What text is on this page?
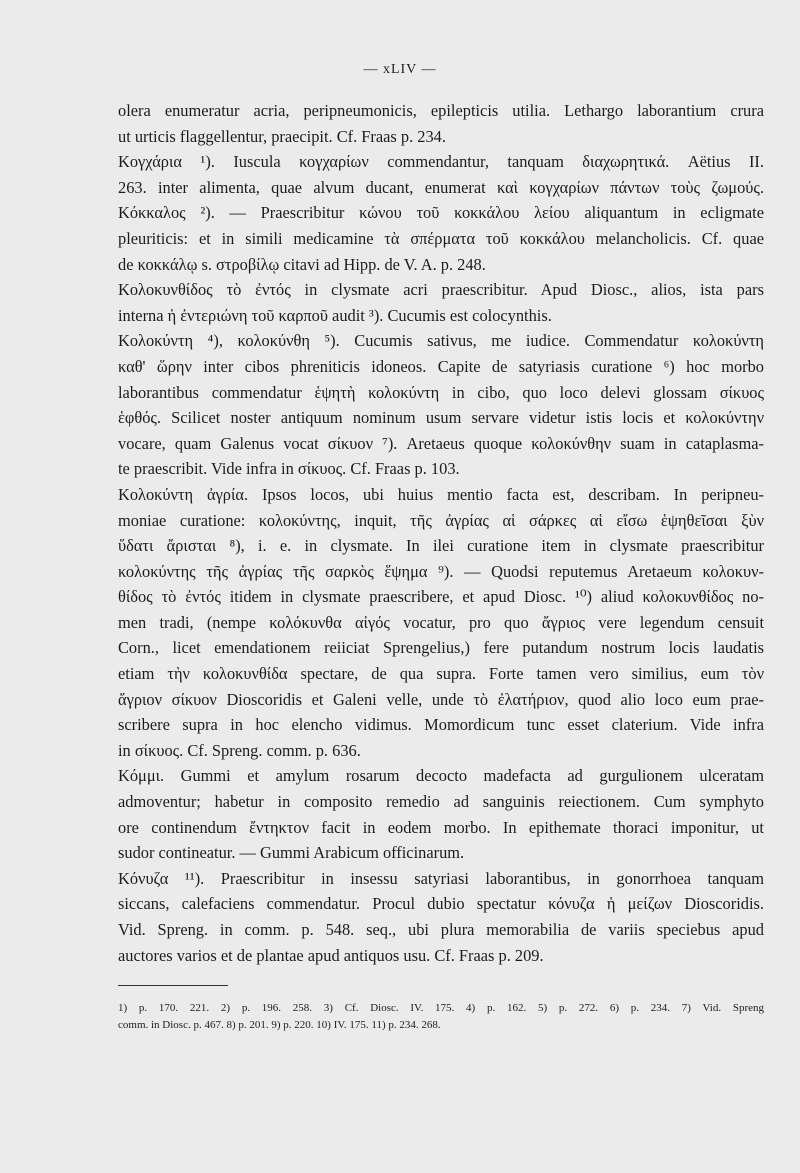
— xLIV —
olera enumeratur acria, peripneumonicis, epilepticis utilia. Lethargo laborantium crura
ut urticis flaggellentur, praecipit. Cf. Fraas p. 234.
Κογχάρια ¹). Iuscula κογχαρίων commendantur, tanquam διαχωρητικά. Aëtius II.
263. inter alimenta, quae alvum ducant, enumerat καὶ κογχαρίων πάντων τοὺς ζωμούς.
Κόκκαλος ²). — Praescribitur κώνου τοῦ κοκκάλου λείου aliquantum in ecligmate
pleuriticis: et in simili medicamine τὰ σπέρματα τοῦ κοκκάλου melancholicis. Cf. quae
de κοκκάλῳ s. στροβίλῳ citavi ad Hipp. de V. A. p. 248.
Κολοκυνθίδος τὸ ἐντός in clysmate acri praescribitur. Apud Diosc., alios, ista pars
interna ἡ ἐντεριώνη τοῦ καρποῦ audit ³). Cucumis est colocynthis.
Κολοκύντη ⁴), κολοκύνθη ⁵). Cucumis sativus, me iudice. Commendatur κολοκύντη
καθ' ὥρην inter cibos phreniticis idoneos. Capite de satyriasis curatione ⁶) hoc morbo
laborantibus commendatur ἑψητὴ κολοκύντη in cibo, quo loco delevi glossam σίκυος
ἑφθός. Scilicet noster antiquum nominum usum servare videtur istis locis et κολοκύντην
vocare, quam Galenus vocat σίκυον ⁷). Aretaeus quoque κολοκύνθην suam in cataplasma-
te praescribit. Vide infra in σίκυος. Cf. Fraas p. 103.
Κολοκύντη ἀγρία. Ipsos locos, ubi huius mentio facta est, describam. In peripneu-
moniae curatione: κολοκύντης, inquit, τῆς ἀγρίας αἱ σάρκες αἱ εἴσω ἑψηθεῖσαι ξὺν
ὕδατι ἄρισται ⁸), i. e. in clysmate. In ilei curatione item in clysmate praescribitur
κολοκύντης τῆς ἀγρίας τῆς σαρκὸς ἕψημα ⁹). — Quodsi reputemus Aretaeum κολοκυν-
θίδος τὸ ἐντός itidem in clysmate praescribere, et apud Diosc. ¹⁰) aliud κολοκυνθίδος no-
men tradi, (nempe κολόκυνθα αἰγός vocatur, pro quo ἄγριος vere legendum censuit
Corn., licet emendationem reiiciat Sprengelius,) fere putandum nostrum locis laudatis
etiam τὴν κολοκυνθίδα spectare, de qua supra. Forte tamen vero similius, eum τὸν
ἄγριον σίκυον Dioscoridis et Galeni velle, unde τὸ ἐλατήριον, quod alio loco eum prae-
scribere supra in hoc elencho vidimus. Momordicum tunc esset claterium. Vide infra
in σίκυος. Cf. Spreng. comm. p. 636.
Κόμμι. Gummi et amylum rosarum decocto madefacta ad gurgulionem ulceratam
admoventur; habetur in composito remedio ad sanguinis reiectionem. Cum symphyto
ore continendum ἔντηκτον facit in eodem morbo. In epithemate thoraci imponitur, ut
sudor contineatur. — Gummi Arabicum officinarum.
Κόνυζα ¹¹). Praescribitur in insessu satyriasi laborantibus, in gonorrhoea tanquam
siccans, calefaciens commendatur. Procul dubio spectatur κόνυζα ἡ μείζων Dioscoridis.
Vid. Spreng. in comm. p. 548. seq., ubi plura memorabilia de variis speciebus apud
auctores varios et de plantae apud antiquos usu. Cf. Fraas p. 209.
1) p. 170. 221. 2) p. 196. 258. 3) Cf. Diosc. IV. 175. 4) p. 162. 5) p. 272. 6) p. 234. 7) Vid. Spreng
comm. in Diosc. p. 467. 8) p. 201. 9) p. 220. 10) IV. 175. 11) p. 234. 268.
